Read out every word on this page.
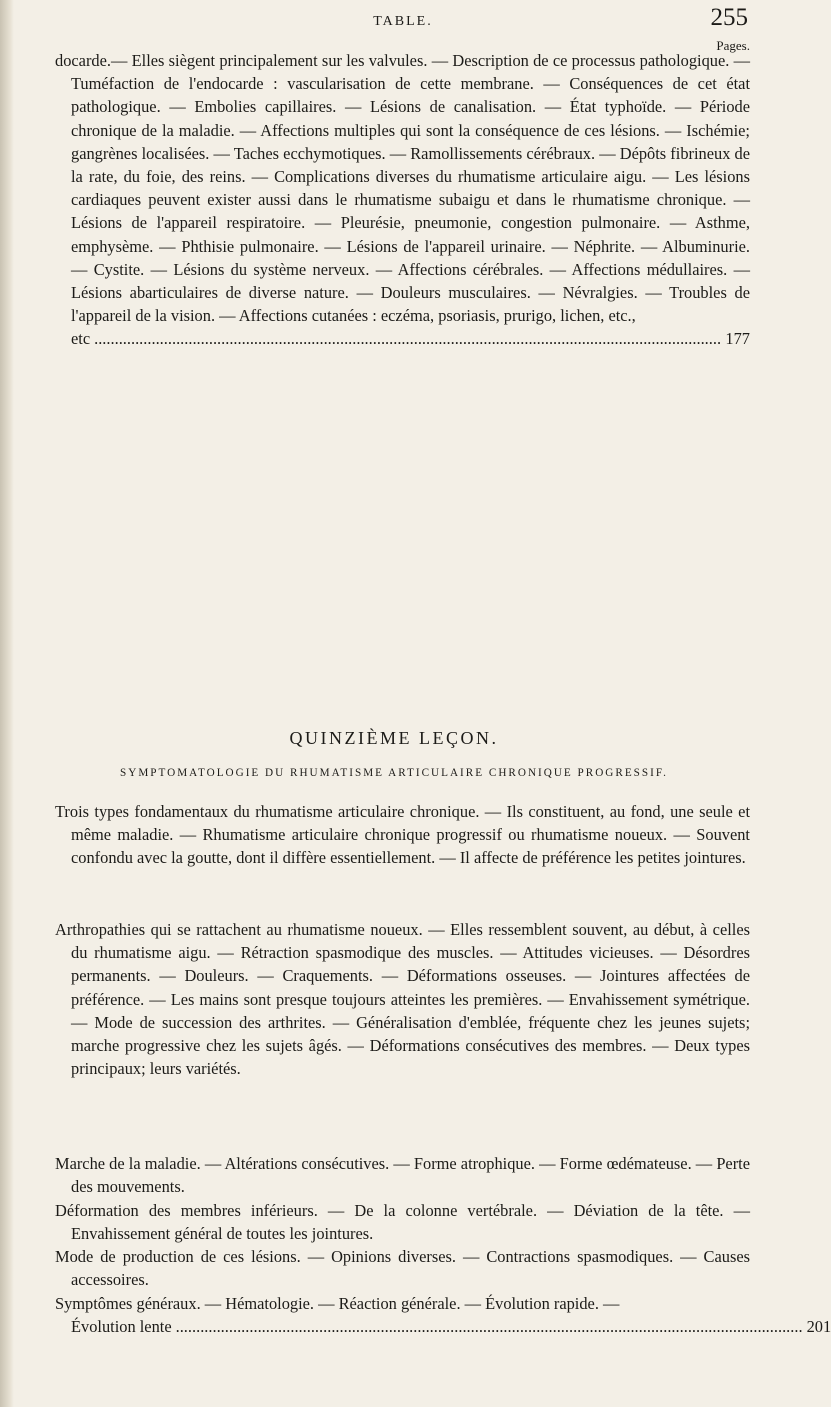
TABLE.	255
Pages.
docarde.— Elles siègent principalement sur les valvules. — Description de ce processus pathologique. — Tuméfaction de l'endocarde : vascularisation de cette membrane. — Conséquences de cet état pathologique. — Embolies capillaires. — Lésions de canalisation. — État typhoïde. — Période chronique de la maladie. — Affections multiples qui sont la conséquence de ces lésions. — Ischémie; gangrènes localisées. — Taches ecchymotiques. — Ramollissements cérébraux. — Dépôts fibrineux de la rate, du foie, des reins. — Complications diverses du rhumatisme articulaire aigu. — Les lésions cardiaques peuvent exister aussi dans le rhumatisme subaigu et dans le rhumatisme chronique. — Lésions de l'appareil respiratoire. — Pleurésie, pneumonie, congestion pulmonaire. — Asthme, emphysème. — Phthisie pulmonaire. — Lésions de l'appareil urinaire. — Néphrite. — Albuminurie. — Cystite. — Lésions du système nerveux. — Affections cérébrales. — Affections médullaires. — Lésions abarticulaires de diverse nature. — Douleurs musculaires. — Névralgies. — Troubles de l'appareil de la vision. — Affections cutanées : eczéma, psoriasis, prurigo, lichen, etc.,
etc ......................................................................................................................................................... 177
QUINZIÈME LEÇON.
SYMPTOMATOLOGIE DU RHUMATISME ARTICULAIRE CHRONIQUE PROGRESSIF.
Trois types fondamentaux du rhumatisme articulaire chronique. — Ils constituent, au fond, une seule et même maladie. — Rhumatisme articulaire chronique progressif ou rhumatisme noueux. — Souvent confondu avec la goutte, dont il diffère essentiellement. — Il affecte de préférence les petites jointures.
Arthropathies qui se rattachent au rhumatisme noueux. — Elles ressemblent souvent, au début, à celles du rhumatisme aigu. — Rétraction spasmodique des muscles. — Attitudes vicieuses. — Désordres permanents. — Douleurs. — Craquements. — Déformations osseuses. — Jointures affectées de préférence. — Les mains sont presque toujours atteintes les premières. — Envahissement symétrique. — Mode de succession des arthrites. — Généralisation d'emblée, fréquente chez les jeunes sujets; marche progressive chez les sujets âgés. — Déformations consécutives des membres. — Deux types principaux; leurs variétés.
Marche de la maladie. — Altérations consécutives. — Forme atrophique. — Forme œdémateuse. — Perte des mouvements.
Déformation des membres inférieurs. — De la colonne vertébrale. — Déviation de la tête. — Envahissement général de toutes les jointures.
Mode de production de ces lésions. — Opinions diverses. — Contractions spasmodiques. — Causes accessoires.
Symptômes généraux. — Hématologie. — Réaction générale. — Évolution rapide. —
Évolution lente ......................................................................................................................................................... 201
